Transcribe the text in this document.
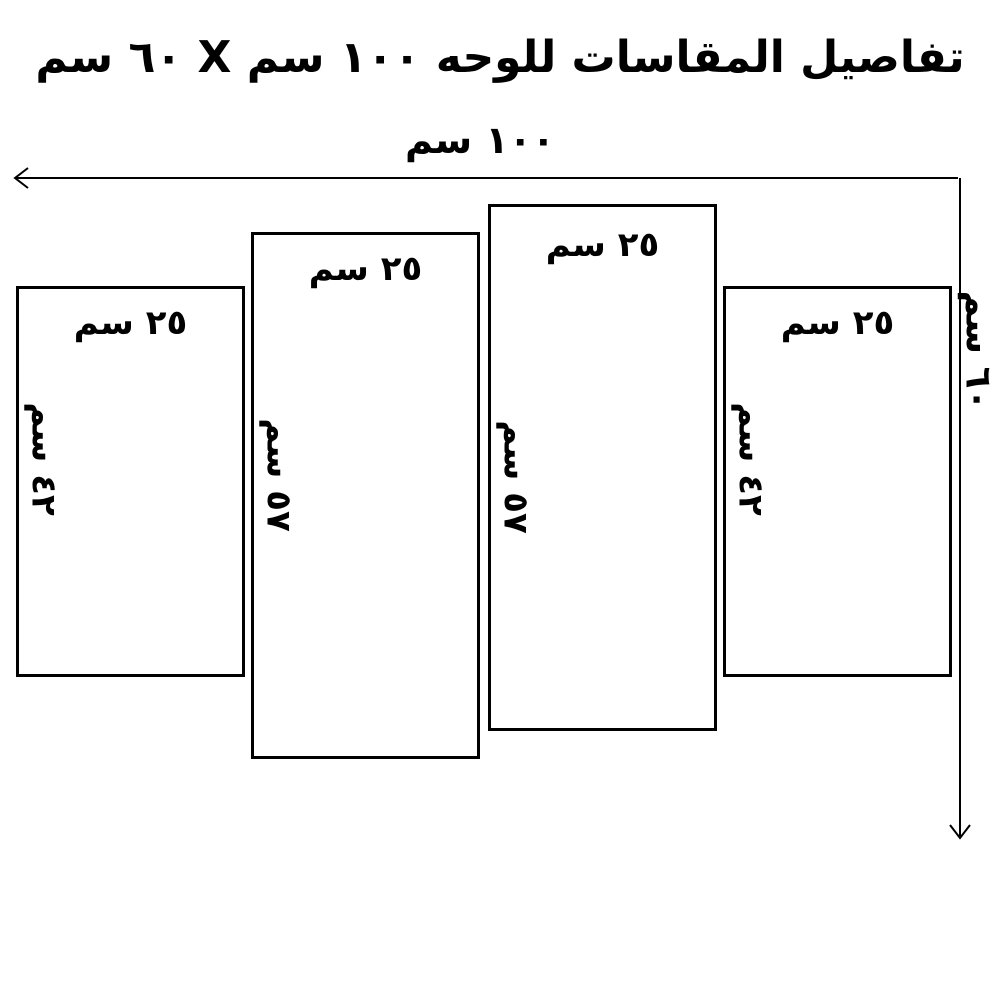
تفاصيل المقاسات للوحه ١٠٠ سم X ٦٠ سم
١٠٠ سم
٦٠ سم
٢٥ سم
٤٢ سم
٢٥ سم
٥٧ سم
٢٥ سم
٥٧ سم
٢٥ سم
٤٢ سم
